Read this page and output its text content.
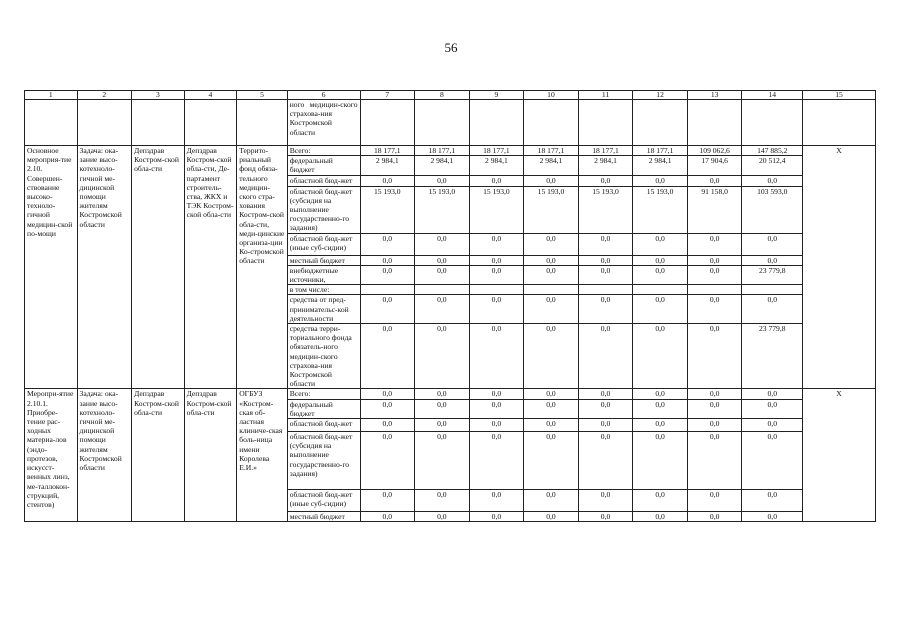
56
1	2	3	4	5	6	7	8	9	10	11	12	13	14	15
					ного медицин-ского страхова-ния Костромской области									
Основное мероприя-тие 2.10. Совершен-ствование высоко-техноло-гичной медицин-ской по-мощи	Задача: ока-зание высо-котехноло-гичной ме-дицинской помощи жителям Костромской области	Депздрав Костром-ской обла-сти	Депздрав Костром-ской обла-сти, Де-партамент строитель-ства, ЖКХ и ТЭК Костром-ской обла-сти	Террито-риальный фонд обяза-тельного медицин-ского стра-хования Костром-ской обла-сти, меди-цинские организа-ции Ко-стромской области	Всего:	18 177,1	18 177,1	18 177,1	18 177,1	18 177,1	18 177,1	109 062,6	147 885,2	Х
					федеральный бюджет	2 984,1	2 984,1	2 984,1	2 984,1	2 984,1	2 984,1	17 904,6	20 512,4	
					областной бюд-жет	0,0	0,0	0,0	0,0	0,0	0,0	0,0	0,0	
					областной бюд-жет (субсидия на выполнение государственно-го задания)	15 193,0	15 193,0	15 193,0	15 193,0	15 193,0	15 193,0	91 158,0	103 593,0	
					областной бюд-жет (иные суб-сидии)	0,0	0,0	0,0	0,0	0,0	0,0	0,0	0,0	
					местный бюджет	0,0	0,0	0,0	0,0	0,0	0,0	0,0	0,0	
					внебюджетные источники,	0,0	0,0	0,0	0,0	0,0	0,0	0,0	23 779,8	
					в том числе:									
					средства от пред-принимательс-кой деятельности	0,0	0,0	0,0	0,0	0,0	0,0	0,0	0,0	
					средства терри-ториального фонда обязатель-ного медицин-ского страхова-ния Костромской области	0,0	0,0	0,0	0,0	0,0	0,0	0,0	23 779,8	
Меропри-ятие 2.10.1. Приобре-тение рас-ходных материа-лов (эндо-протезов, искусст-венных линз, ме-таллокон-струкций, стентов)	Задача: ока-зание высо-котехноло-гичной ме-дицинской помощи жителям Костромской области	Депздрав Костром-ской обла-сти	Депздрав Костром-ской обла-сти	ОГБУЗ «Костром-ская об-ластная клиниче-ская боль-ница имени Королева Е.И.»	Всего:	0,0	0,0	0,0	0,0	0,0	0,0	0,0	0,0	Х
					федеральный бюджет	0,0	0,0	0,0	0,0	0,0	0,0	0,0	0,0	
					областной бюд-жет	0,0	0,0	0,0	0,0	0,0	0,0	0,0	0,0	
					областной бюд-жет (субсидия на выполнение государственно-го задания)	0,0	0,0	0,0	0,0	0,0	0,0	0,0	0,0	
					областной бюд-жет (иные суб-сидии)	0,0	0,0	0,0	0,0	0,0	0,0	0,0	0,0	
					местный бюджет	0,0	0,0	0,0	0,0	0,0	0,0	0,0	0,0	
